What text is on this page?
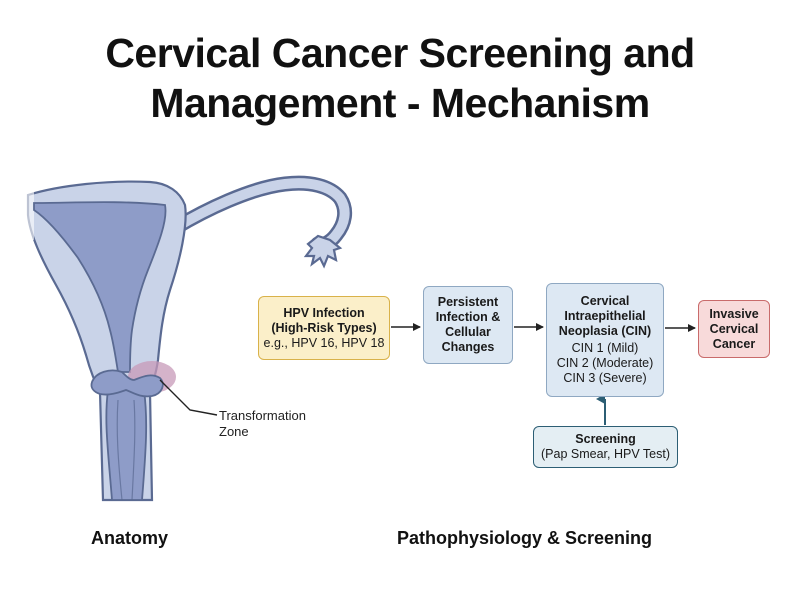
Cervical Cancer Screening and
Management - Mechanism
Transformation
Zone
HPV Infection
(High-Risk Types)
e.g., HPV 16, HPV 18
Persistent
Infection &
Cellular
Changes
Cervical
Intraepithelial
Neoplasia (CIN)
CIN 1 (Mild)
CIN 2 (Moderate)
CIN 3 (Severe)
Invasive
Cervical
Cancer
Screening
(Pap Smear, HPV Test)
Anatomy	Pathophysiology & Screening
